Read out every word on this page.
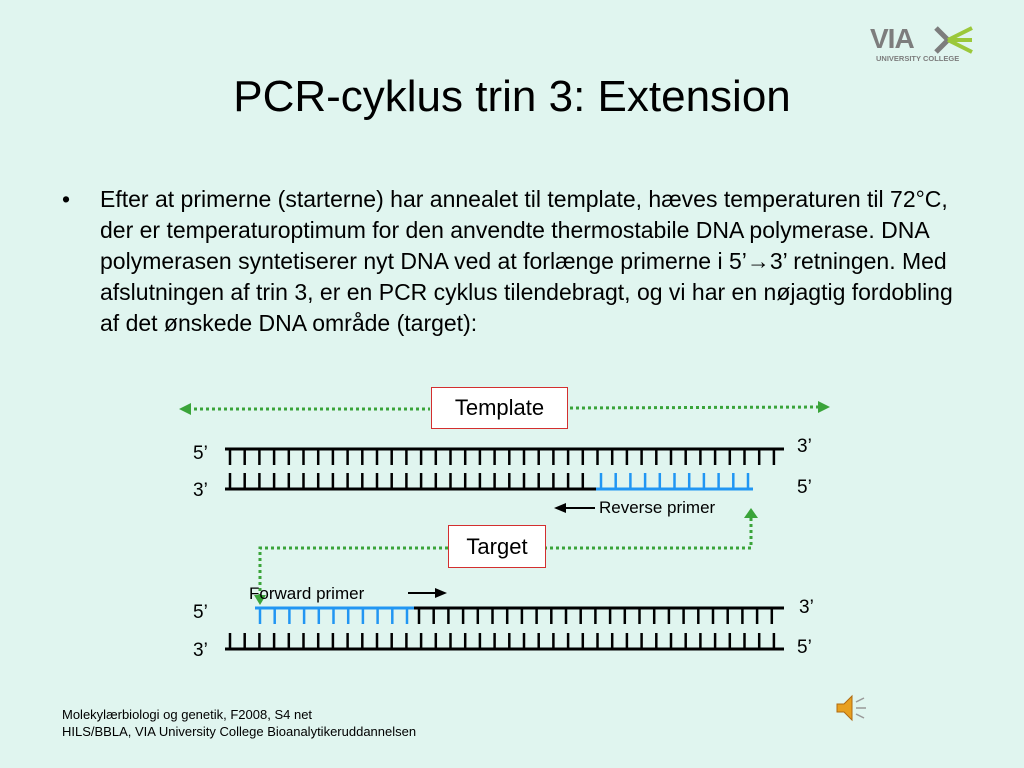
VIA
UNIVERSITY COLLEGE
PCR-cyklus trin 3: Extension
• Efter at primerne (starterne) har annealet til template, hæves temperaturen til 72°C, der er temperaturoptimum for den anvendte thermostabile DNA polymerase. DNA polymerasen syntetiserer nyt DNA ved at forlænge primerne i 5’→3’ retningen. Med afslutningen af trin 3, er en PCR cyklus tilendebragt, og vi har en nøjagtig fordobling af det ønskede DNA område (target):
Template
Target
5’	3’
3’	5’
Reverse primer
Forward primer
5’	3’
3’	5’
Molekylærbiologi og genetik, F2008, S4 net
HILS/BBLA, VIA University College Bioanalytikeruddannelsen
